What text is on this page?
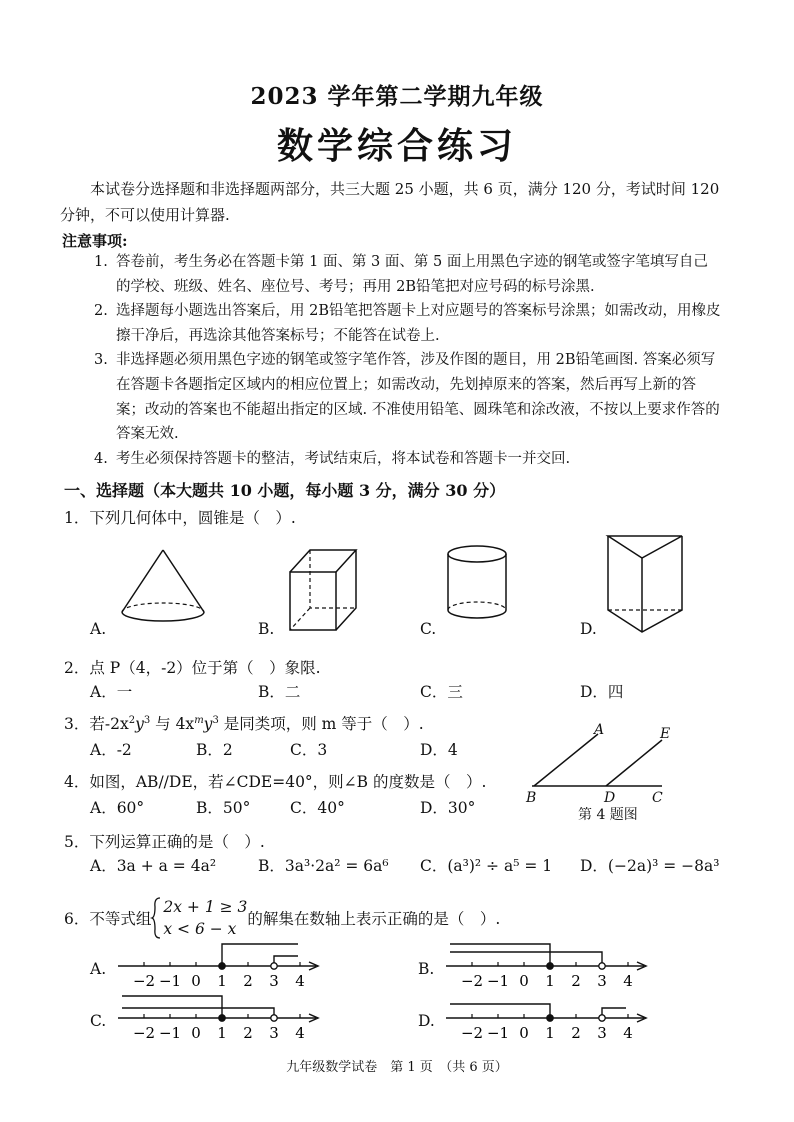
2023 学年第二学期九年级
数学综合练习
本试卷分选择题和非选择题两部分，共三大题 25 小题，共 6 页，满分 120 分，考试时间 120 分钟，不可以使用计算器.
注意事项:
1. 答卷前，考生务必在答题卡第 1 面、第 3 面、第 5 面上用黑色字迹的钢笔或签字笔填写自己的学校、班级、姓名、座位号、考号；再用 2B铅笔把对应号码的标号涂黑.
2. 选择题每小题选出答案后，用 2B铅笔把答题卡上对应题号的答案标号涂黑；如需改动，用橡皮擦干净后，再选涂其他答案标号；不能答在试卷上.
3. 非选择题必须用黑色字迹的钢笔或签字笔作答，涉及作图的题目，用 2B铅笔画图. 答案必须写在答题卡各题指定区域内的相应位置上；如需改动，先划掉原来的答案，然后再写上新的答案；改动的答案也不能超出指定的区域. 不准使用铅笔、圆珠笔和涂改液，不按以上要求作答的答案无效.
4. 考生必须保持答题卡的整洁，考试结束后，将本试卷和答题卡一并交回.
一、选择题（本大题共 10 小题，每小题 3 分，满分 30 分）
1．下列几何体中，圆锥是（　）.
A.	B.	C.	D.
2．点 P（4，-2）位于第（　）象限.
A．一	B．二	C．三	D．四
3．若$-2x^2y^3$ 与 $4x^my^3$ 是同类项，则 m 等于（　）.
A．-2	B．2	C．3	D．4
4．如图，AB//DE，若∠CDE=40°，则∠B 的度数是（　）.
A．60°	B．50°	C．40°	D．30°
A	E
B	D	C
第 4 题图
5．下列运算正确的是（　）.
A．3a + a = 4a²	B．3a³·2a² = 6a⁶ C．(a³)² ÷ a⁵ = 1 D．(−2a)³ = −8a³
6．不等式组
2x + 1 ≥ 3
x < 6 − x
的解集在数轴上表示正确的是（　）.
A.	B.
C.	D.
−2 −1 0 1 2 3 4	−2 −1 0 1 2 3 4
−2 −1 0 1 2 3 4	−2 −1 0 1 2 3 4
九年级数学试卷　第 1 页　（共 6 页）
